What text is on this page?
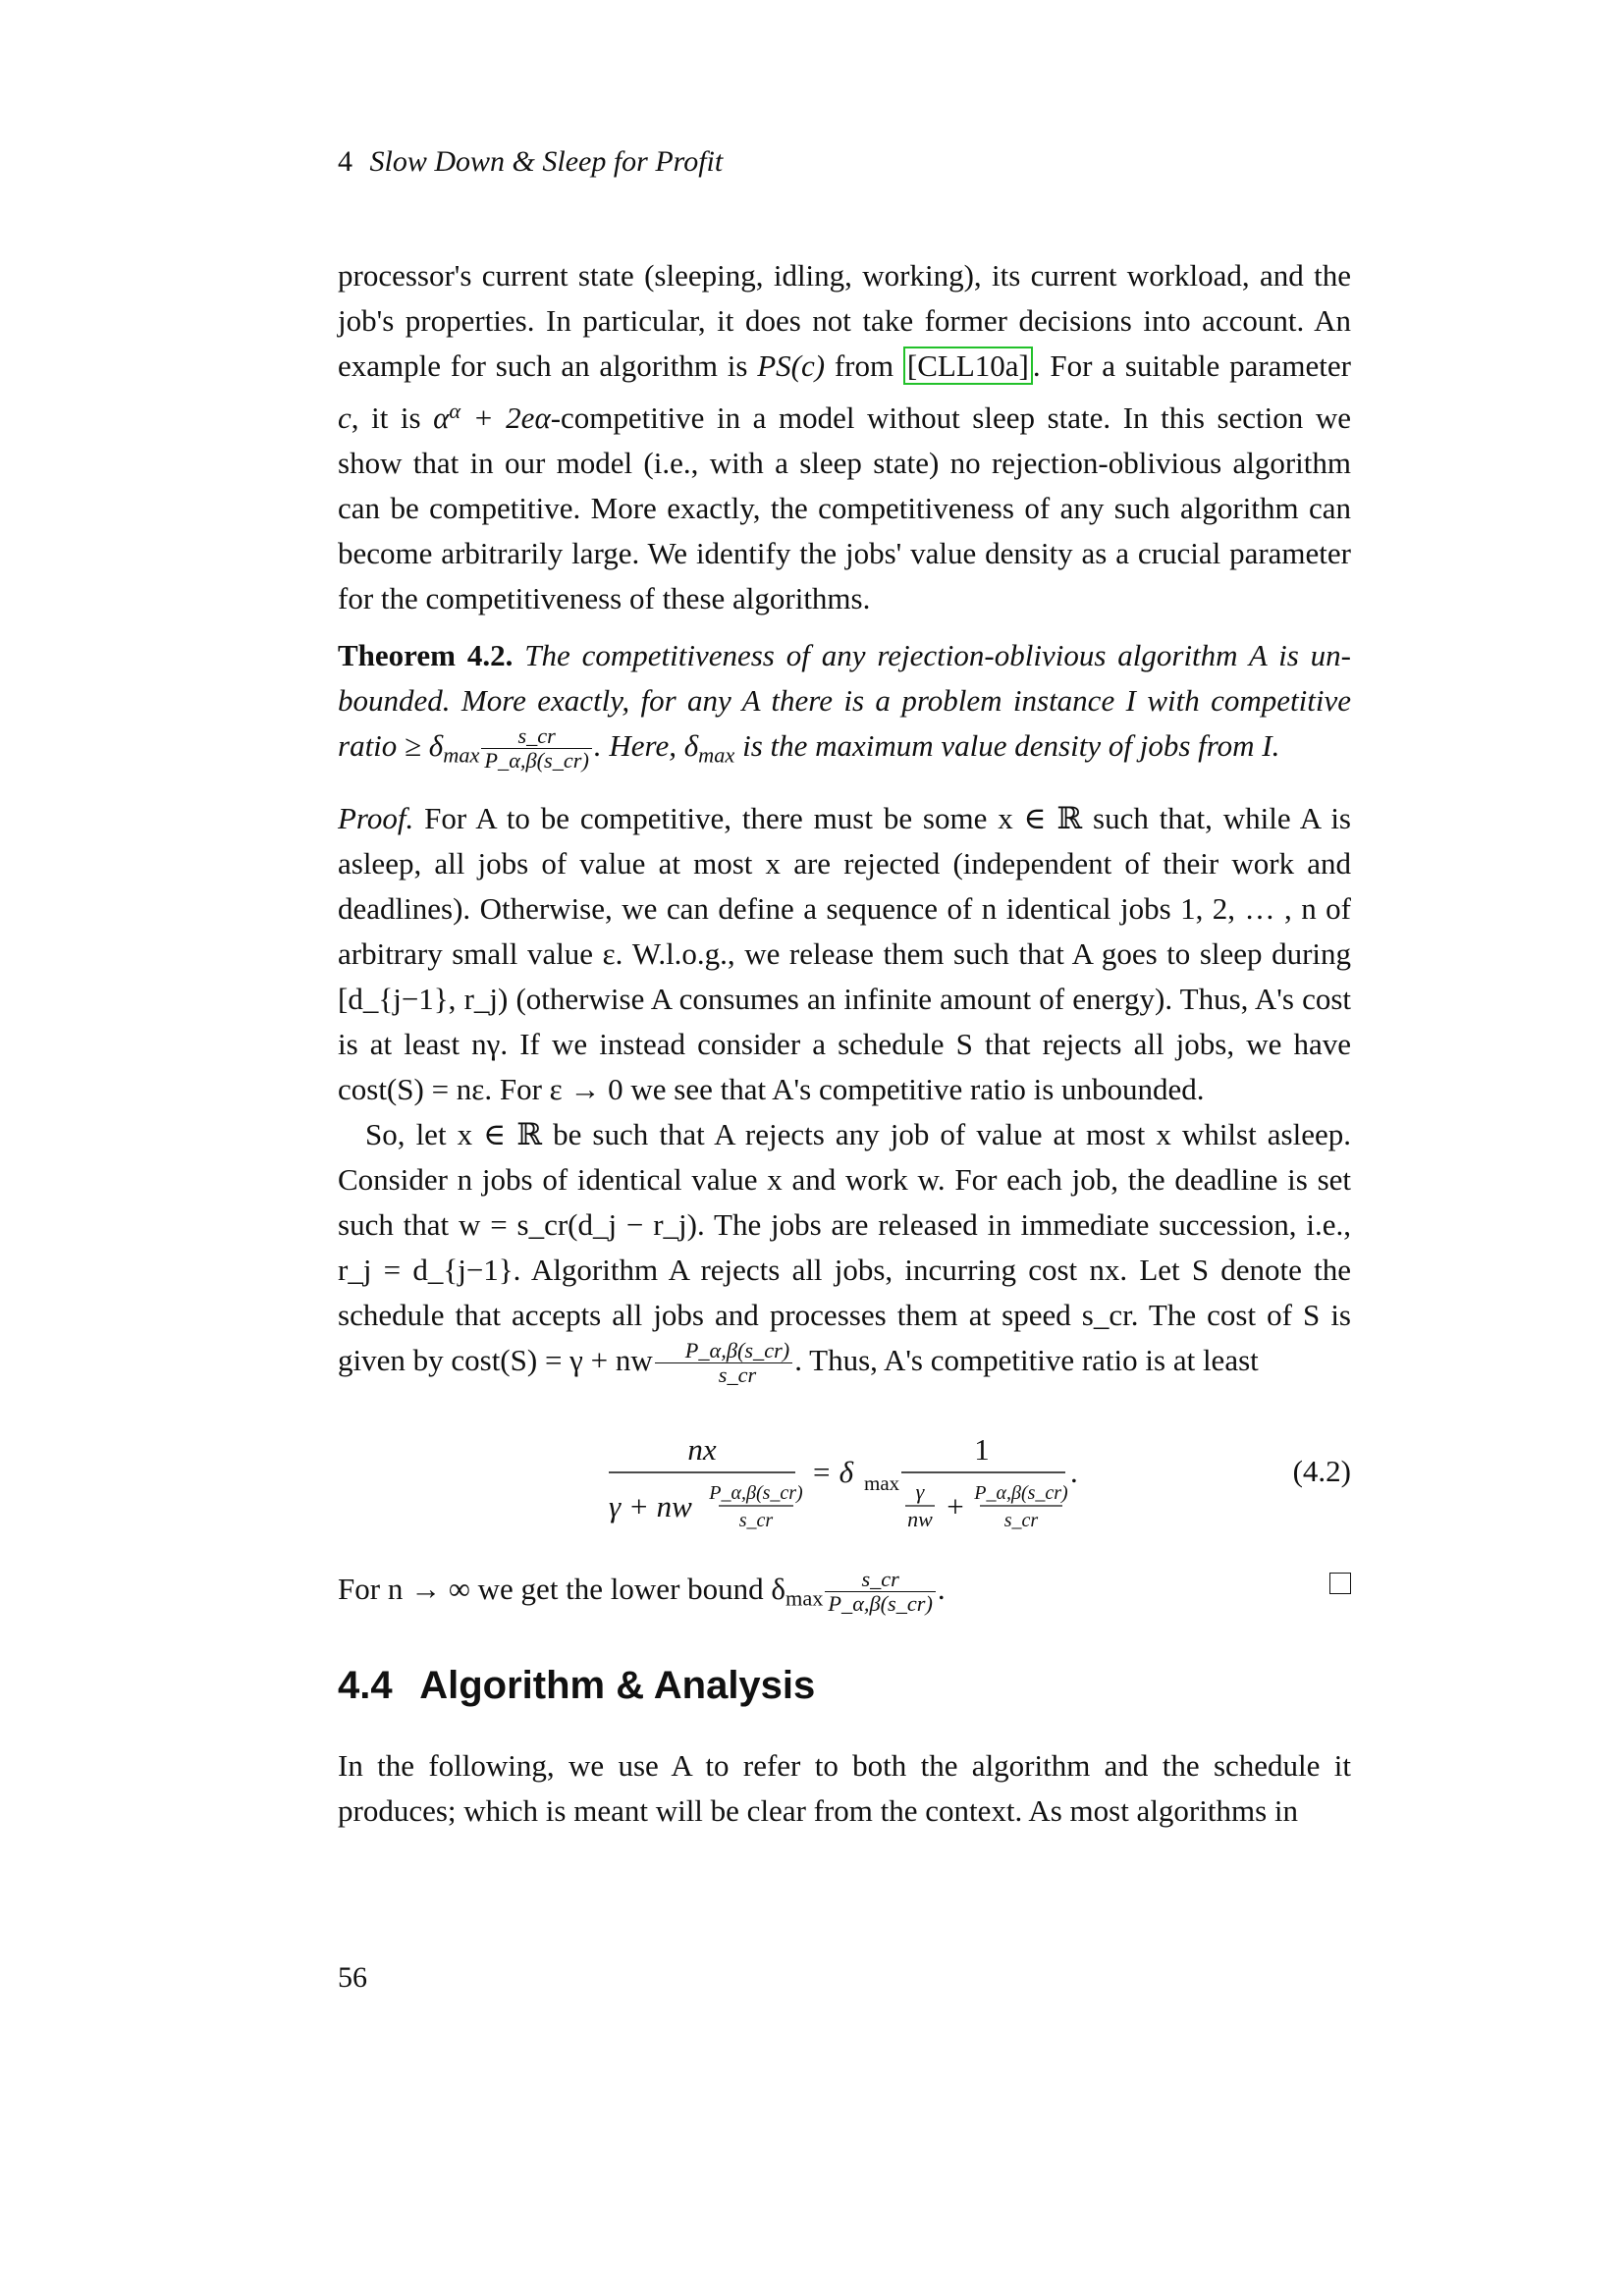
4 Slow Down & Sleep for Profit

processor's current state (sleeping, idling, working), its current workload, and the job's properties. In particular, it does not take former decisions into account. An example for such an algorithm is PS(c) from [CLL10a] . For a suitable parameter c, it is $\alpha^\alpha$ + 2eα-competitive in a model without sleep state. In this section we show that in our model (i.e., with a sleep state) no rejection-oblivious algorithm can be competitive. More exactly, the competitiveness of any such algorithm can become arbitrarily large. We identify the jobs' value density as a crucial parameter for the competitiveness of these algorithms.

Theorem 4.2. The competitiveness of any rejection-oblivious algorithm A is un- bounded. More exactly, for any A there is a problem instance I with competitive ratio ≥ $\delta_{max} \frac{s\_cr}{P\_\alpha,\beta(s\_cr)}$ . Here, $\delta_{max}$ is the maximum value density of jobs from I.

Proof. For A to be competitive, there must be some x ∈ ℝ such that, while A is asleep, all jobs of value at most x are rejected (independent of their work and deadlines). Otherwise, we can define a sequence of n identical jobs 1, 2, … , n of arbitrary small value ε. W.l.o.g., we release them such that A goes to sleep during [d_{j−1}, r_j) (otherwise A consumes an infinite amount of energy). Thus, A's cost is at least nγ. If we instead consider a schedule S that rejects all jobs, we have cost(S) = nε. For ε → 0 we see that A's competitive ratio is unbounded.

So, let x ∈ ℝ be such that A rejects any job of value at most x whilst asleep. Consider n jobs of identical value x and work w. For each job, the deadline is set such that w = s_cr(d_j − r_j). The jobs are released in immediate succession, i.e., r_j = d_{j−1}. Algorithm A rejects all jobs, incurring cost nx. Let S denote the schedule that accepts all jobs and processes them at speed s_cr. The cost of S is given by cost(S) = γ + nw $\frac{P\_\alpha,\beta(s\_cr)}{s\_cr}$ . Thus, A's competitive ratio is at least

nx
γ + nw P_α,β(s_cr)
s_cr
= δ max
1
γ
nw + P_α,β(s_cr)
s_cr
.	(4.2)

For n → ∞ we get the lower bound $\delta_{max} \frac{s\_cr}{P\_\alpha,\beta(s\_cr)}$ .

4.4 Algorithm & Analysis

In the following, we use A to refer to both the algorithm and the schedule it produces; which is meant will be clear from the context. As most algorithms in

56
